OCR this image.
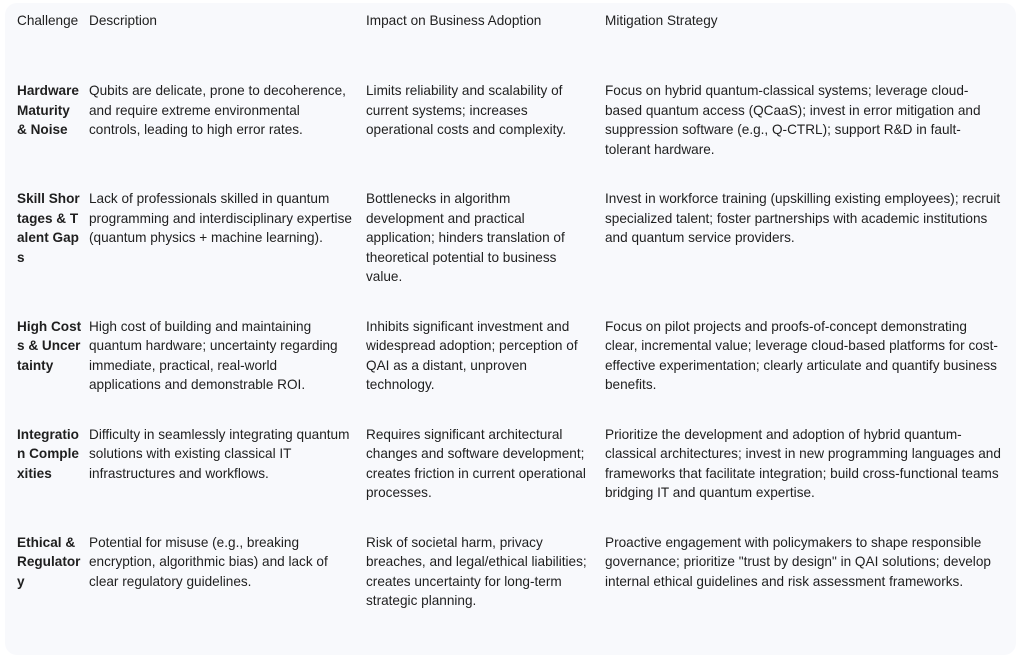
Challenge	Description	Impact on Business Adoption	Mitigation Strategy
Hardware Maturity & Noise	Qubits are delicate, prone to decoherence, and require extreme environmental controls, leading to high error rates.	Limits reliability and scalability of current systems; increases operational costs and complexity.	Focus on hybrid quantum-classical systems; leverage cloud-based quantum access (QCaaS); invest in error mitigation and suppression software (e.g., Q-CTRL); support R&D in fault-tolerant hardware.
Skill Shortages & Talent Gaps	Lack of professionals skilled in quantum programming and interdisciplinary expertise (quantum physics + machine learning).	Bottlenecks in algorithm development and practical application; hinders translation of theoretical potential to business value.	Invest in workforce training (upskilling existing employees); recruit specialized talent; foster partnerships with academic institutions and quantum service providers.
High Costs & Uncertainty	High cost of building and maintaining quantum hardware; uncertainty regarding immediate, practical, real-world applications and demonstrable ROI.	Inhibits significant investment and widespread adoption; perception of QAI as a distant, unproven technology.	Focus on pilot projects and proofs-of-concept demonstrating clear, incremental value; leverage cloud-based platforms for cost-effective experimentation; clearly articulate and quantify business benefits.
Integration Complexities	Difficulty in seamlessly integrating quantum solutions with existing classical IT infrastructures and workflows.	Requires significant architectural changes and software development; creates friction in current operational processes.	Prioritize the development and adoption of hybrid quantum-classical architectures; invest in new programming languages and frameworks that facilitate integration; build cross-functional teams bridging IT and quantum expertise.
Ethical & Regulatory	Potential for misuse (e.g., breaking encryption, algorithmic bias) and lack of clear regulatory guidelines.	Risk of societal harm, privacy breaches, and legal/ethical liabilities; creates uncertainty for long-term strategic planning.	Proactive engagement with policymakers to shape responsible governance; prioritize "trust by design" in QAI solutions; develop internal ethical guidelines and risk assessment frameworks.
